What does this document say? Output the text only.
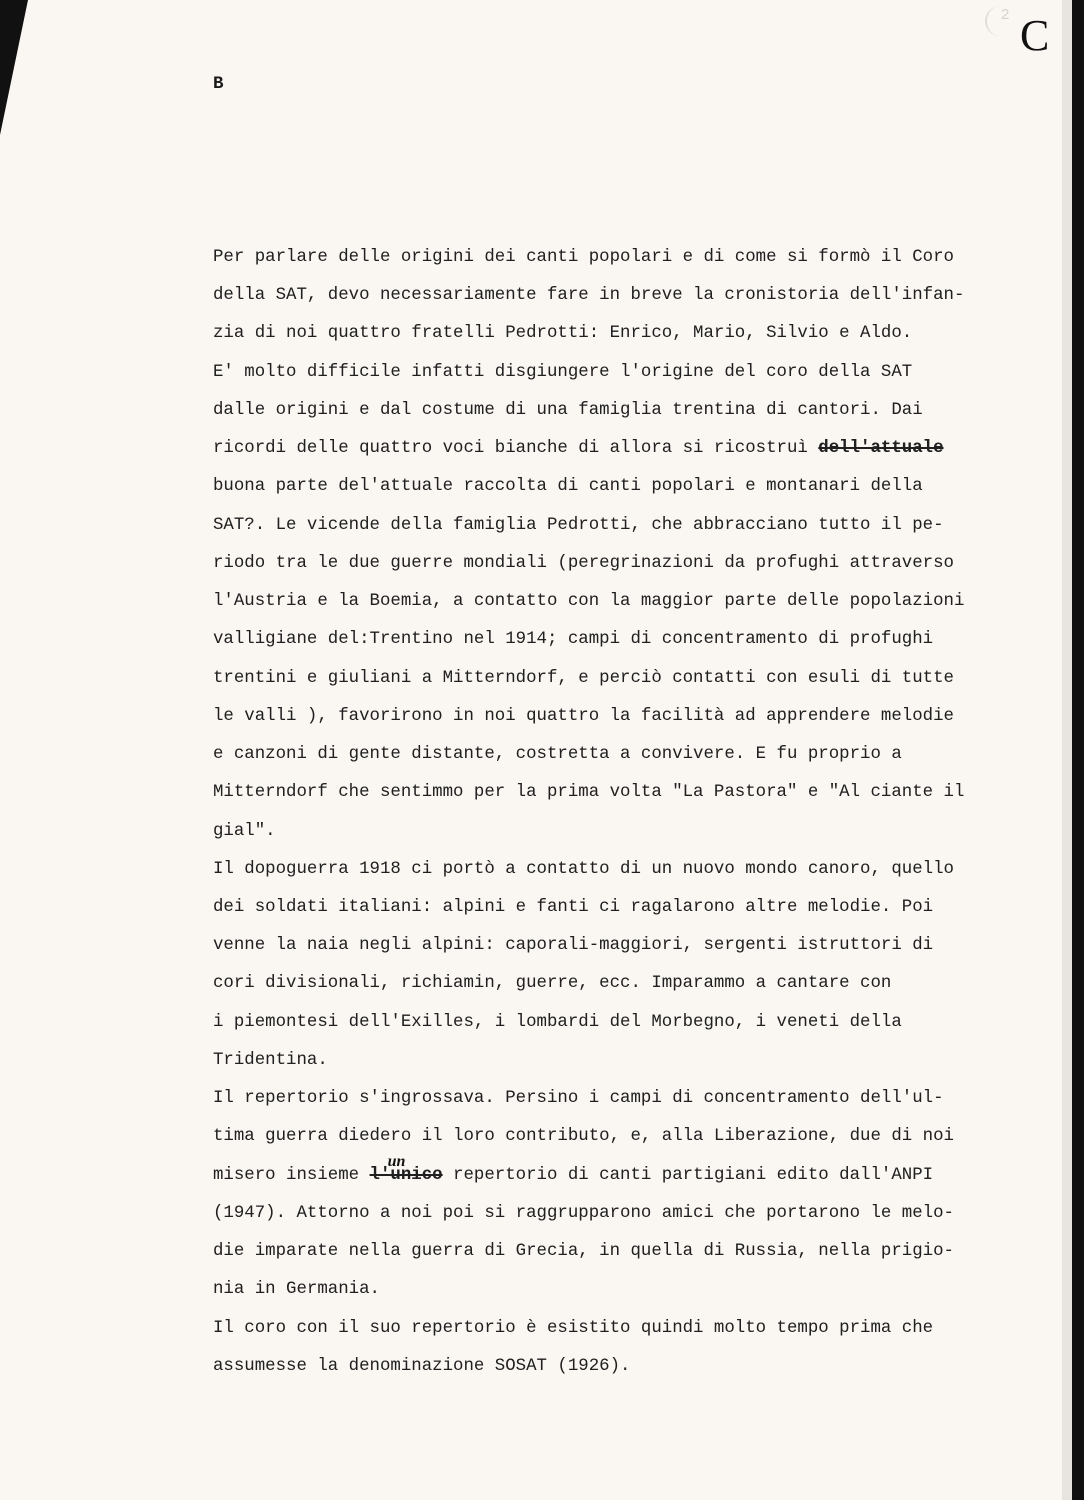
2 C
B
Per parlare delle origini dei canti popolari e di come si formò il Coro
della SAT, devo necessariamente fare in breve la cronistoria dell'infan-
zia di noi quattro fratelli Pedrotti: Enrico, Mario, Silvio e Aldo.
E' molto difficile infatti disgiungere l'origine del coro della SAT
dalle origini e dal costume di una famiglia trentina di cantori. Dai
ricordi delle quattro voci bianche di allora si ricostruì dell'attuale
buona parte del'attuale raccolta di canti popolari e montanari della
SAT?. Le vicende della famiglia Pedrotti, che abbracciano tutto il pe-
riodo tra le due guerre mondiali (peregrinazioni da profughi attraverso
l'Austria e la Boemia, a contatto con la maggior parte delle popolazioni
valligiane del:Trentino nel 1914; campi di concentramento di profughi
trentini e giuliani a Mitterndorf, e perciò contatti con esuli di tutte
le valli ), favorirono in noi quattro la facilità ad apprendere melodie
e canzoni di gente distante, costretta a convivere. E fu proprio a
Mitterndorf che sentimmo per la prima volta "La Pastora" e "Al ciante il
gial".
Il dopoguerra 1918 ci portò a contatto di un nuovo mondo canoro, quello
dei soldati italiani: alpini e fanti ci ragalarono altre melodie. Poi
venne la naia negli alpini: caporali-maggiori, sergenti istruttori di
cori divisionali, richiamin, guerre, ecc. Imparammo a cantare con
i piemontesi dell'Exilles, i lombardi del Morbegno, i veneti della
Tridentina.
Il repertorio s'ingrossava. Persino i campi di concentramento dell'ul-
tima guerra diedero il loro contributo, e, alla Liberazione, due di noi
misero insieme l'unico
un
repertorio di canti partigiani edito dall'ANPI
(1947). Attorno a noi poi si raggrupparono amici che portarono le melo-
die imparate nella guerra di Grecia, in quella di Russia, nella prigio-
nia in Germania.
Il coro con il suo repertorio è esistito quindi molto tempo prima che
assumesse la denominazione SOSAT (1926).
